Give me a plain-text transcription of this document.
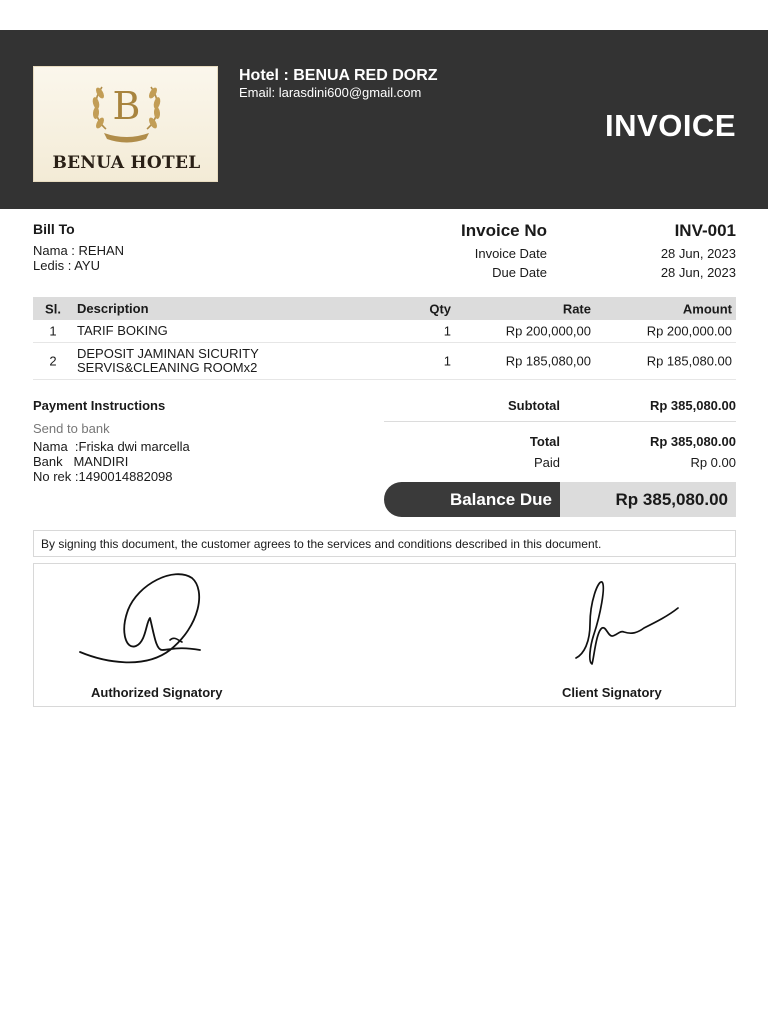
B
BENUA HOTEL
Hotel : BENUA RED DORZ
Email: larasdini600@gmail.com
INVOICE
Bill To
Nama : REHAN
Ledis : AYU
Invoice No	INV-001
Invoice Date	28 Jun, 2023
Due Date	28 Jun, 2023
Sl.	Description	Qty	Rate	Amount
1	TARIF BOKING	1	Rp 200,000,00	Rp 200,000.00
2	DEPOSIT JAMINAN SICURITY
SERVIS&CLEANING ROOMx2	1	Rp 185,080,00	Rp 185,080.00
Payment Instructions
Send to bank
Nama  :Friska dwi marcella
Bank   MANDIRI
No rek :1490014882098
Subtotal	Rp 385,080.00
Total	Rp 385,080.00
Paid	Rp 0.00
Balance Due	Rp 385,080.00
By signing this document, the customer agrees to the services and conditions described in this document.
Authorized Signatory	Client Signatory
